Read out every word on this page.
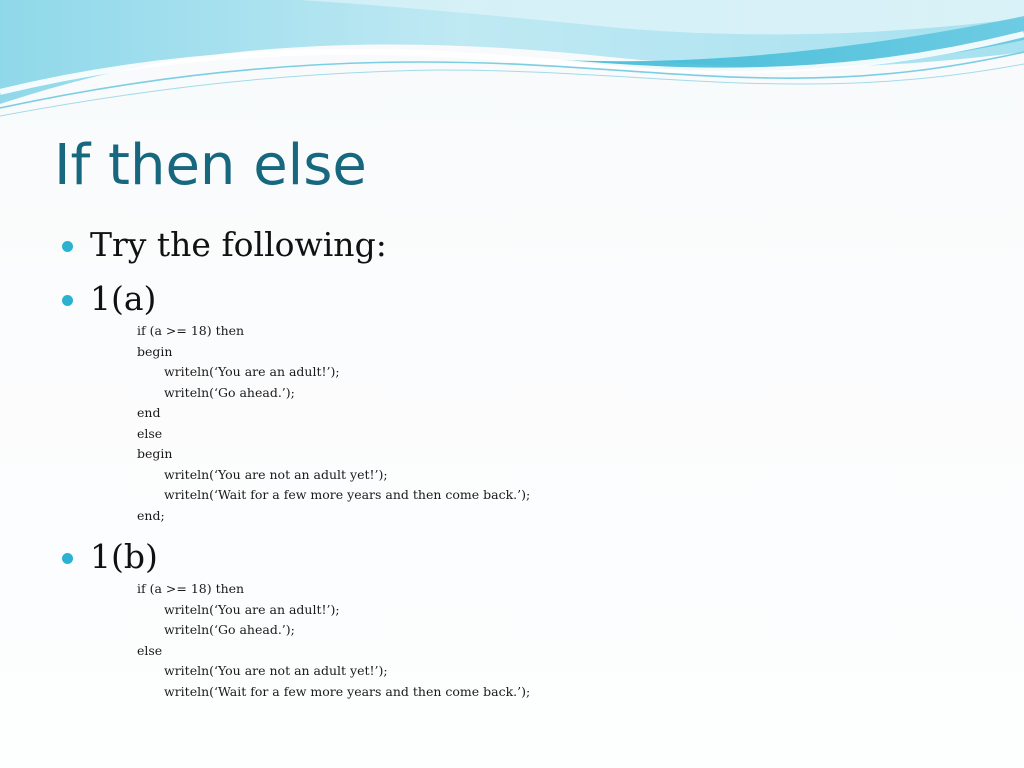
If then else
Try the following:
1(a)
if (a >= 18) then
begin
writeln(‘You are an adult!’);
writeln(‘Go ahead.’);
end
else
begin
writeln(‘You are not an adult yet!’);
writeln(‘Wait for a few more years and then come back.’);
end;
1(b)
if (a >= 18) then
writeln(‘You are an adult!’);
writeln(‘Go ahead.’);
else
writeln(‘You are not an adult yet!’);
writeln(‘Wait for a few more years and then come back.’);
